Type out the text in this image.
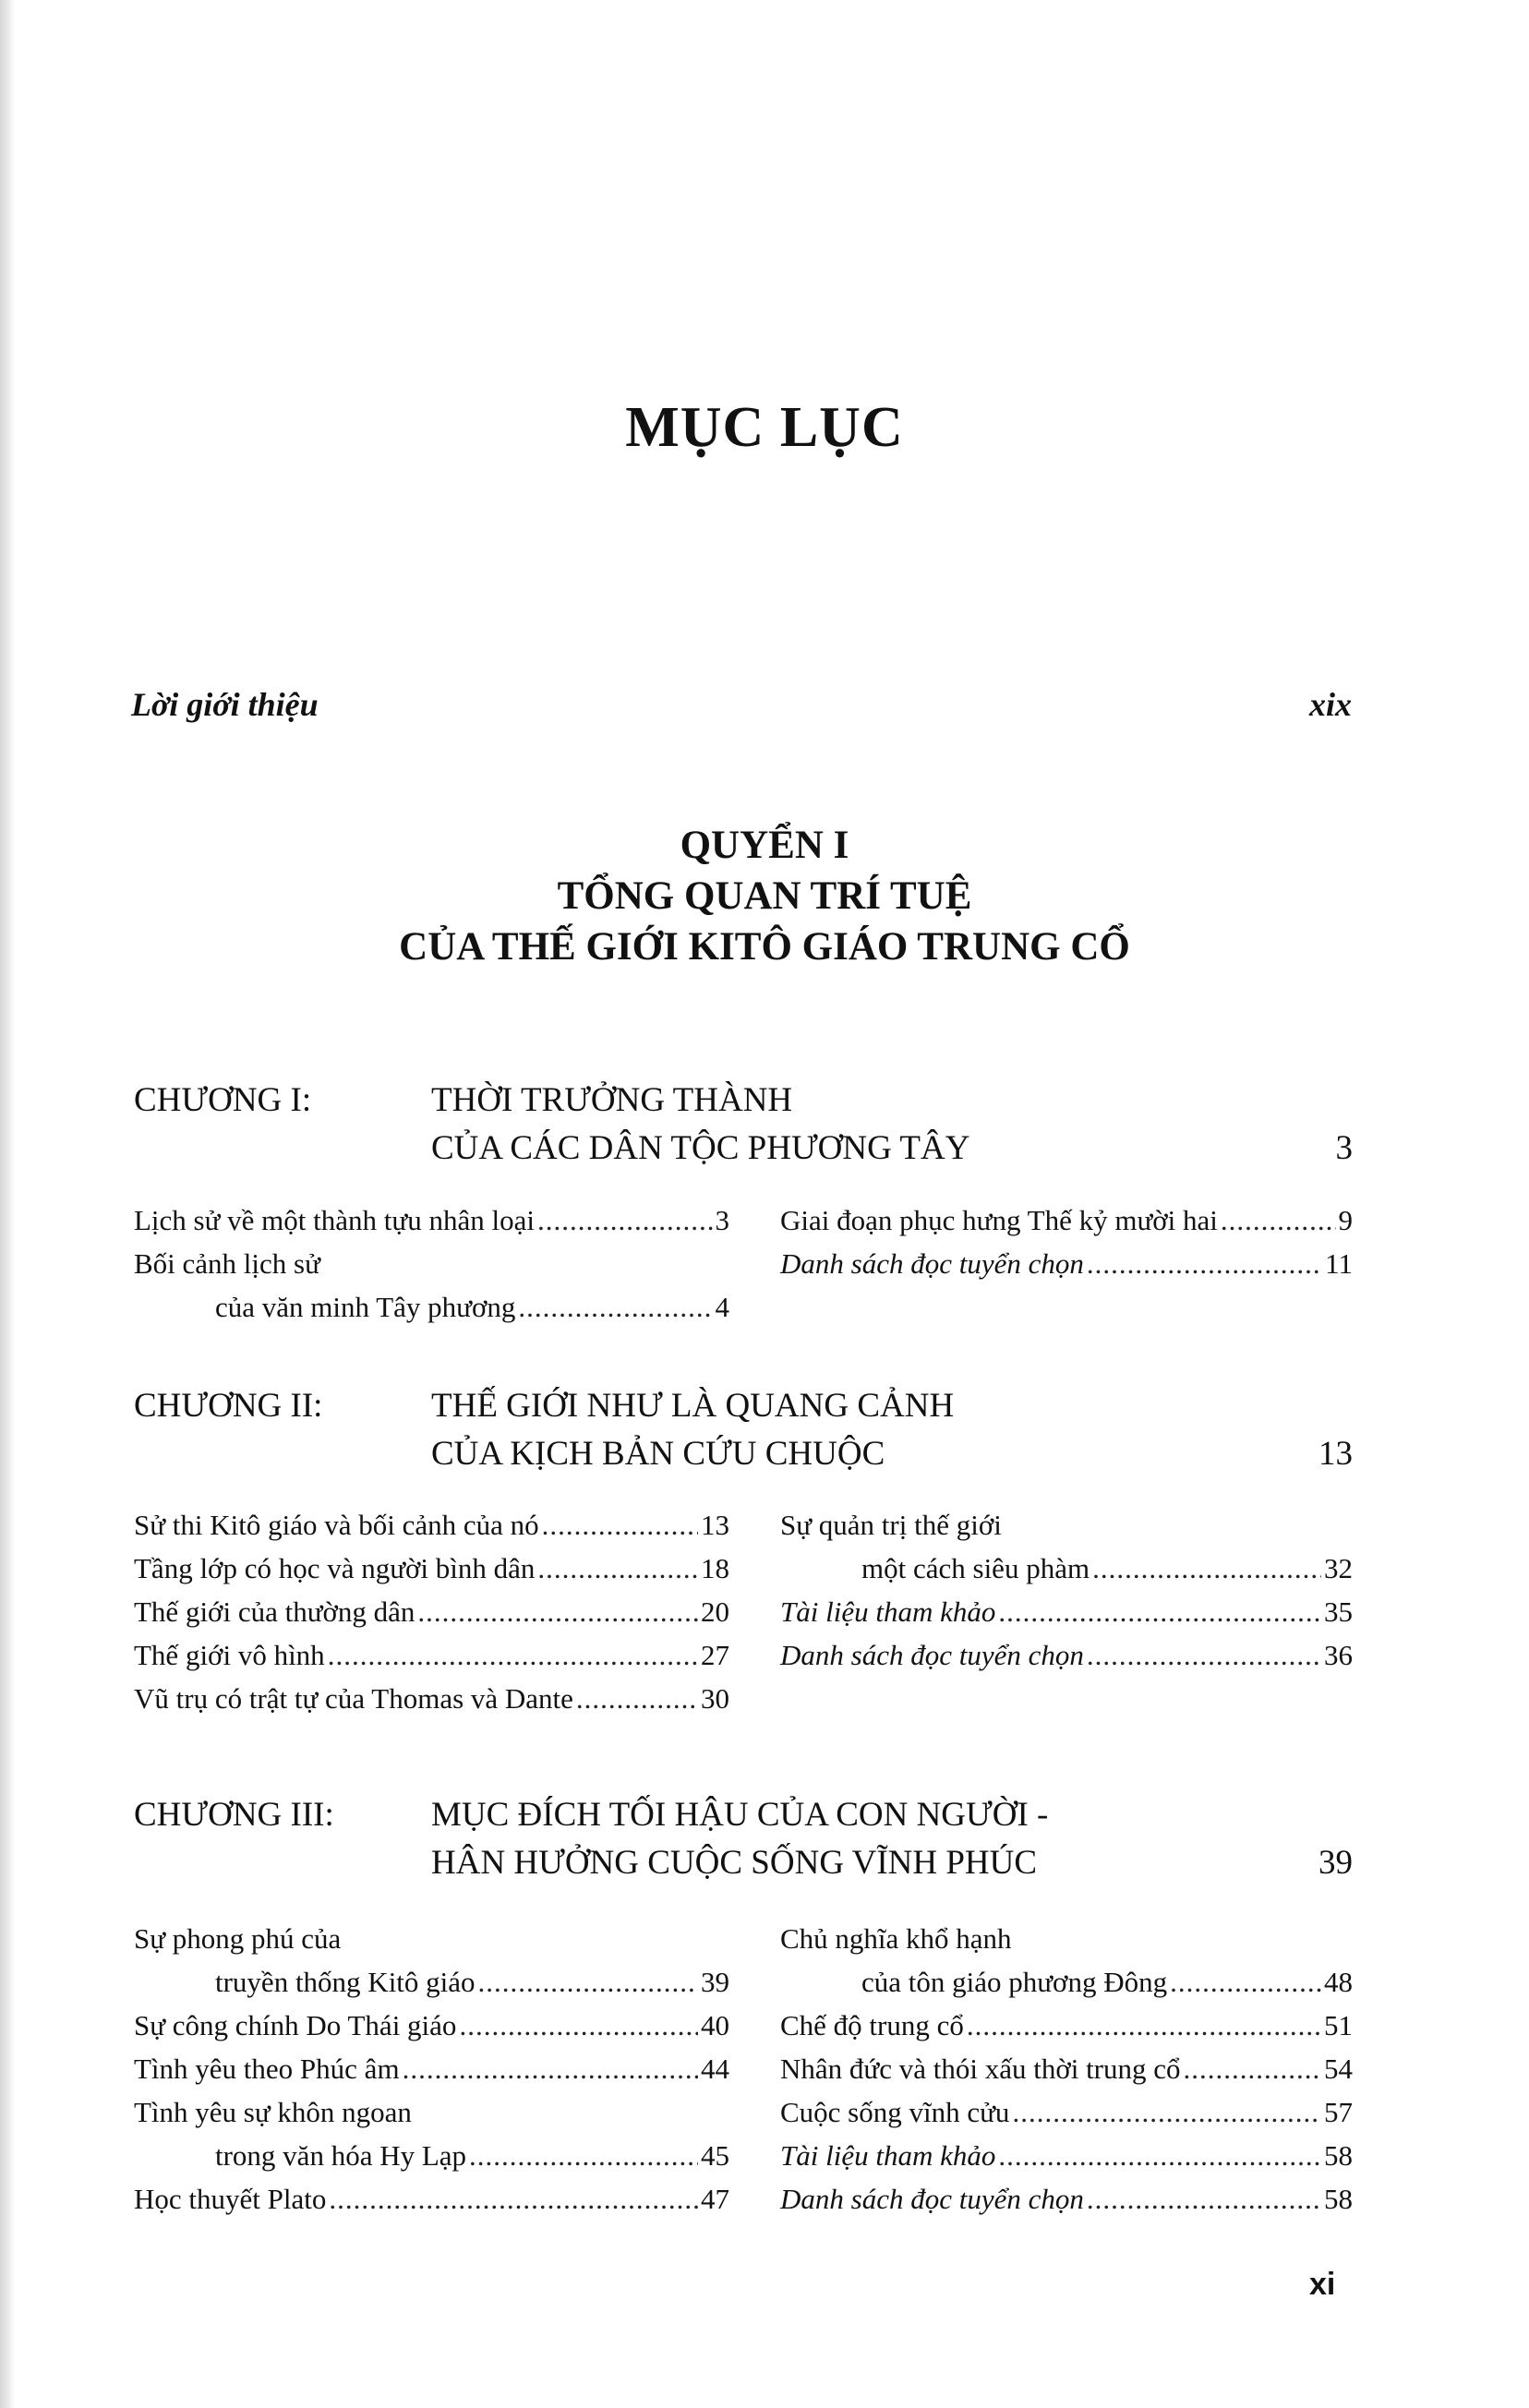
MỤC LỤC
Lời giới thiệu	xix
QUYỂN I
TỔNG QUAN TRÍ TUỆ
CỦA THẾ GIỚI KITÔ GIÁO TRUNG CỔ
CHƯƠNG I:	THỜI TRƯỞNG THÀNH
CỦA CÁC DÂN TỘC PHƯƠNG TÂY	3
Lịch sử về một thành tựu nhân loại .....	3
Bối cảnh lịch sử
của văn minh Tây phương .....	4
Giai đoạn phục hưng Thế kỷ mười hai .....	9
Danh sách đọc tuyển chọn .....	11
CHƯƠNG II:	THẾ GIỚI NHƯ LÀ QUANG CẢNH
CỦA KỊCH BẢN CỨU CHUỘC	13
Sử thi Kitô giáo và bối cảnh của nó .....	13
Tầng lớp có học và người bình dân .....	18
Thế giới của thường dân .....	20
Thế giới vô hình .....	27
Vũ trụ có trật tự của Thomas và Dante .....	30
Sự quản trị thế giới
một cách siêu phàm .....	32
Tài liệu tham khảo .....	35
Danh sách đọc tuyển chọn .....	36
CHƯƠNG III:	MỤC ĐÍCH TỐI HẬU CỦA CON NGƯỜI -
HÂN HƯỞNG CUỘC SỐNG VĨNH PHÚC	39
Sự phong phú của
truyền thống Kitô giáo .....	39
Sự công chính Do Thái giáo .....	40
Tình yêu theo Phúc âm .....	44
Tình yêu sự khôn ngoan
trong văn hóa Hy Lạp .....	45
Học thuyết Plato .....	47
Chủ nghĩa khổ hạnh
của tôn giáo phương Đông .....	48
Chế độ trung cổ .....	51
Nhân đức và thói xấu thời trung cổ .....	54
Cuộc sống vĩnh cửu .....	57
Tài liệu tham khảo .....	58
Danh sách đọc tuyển chọn .....	58
xi
